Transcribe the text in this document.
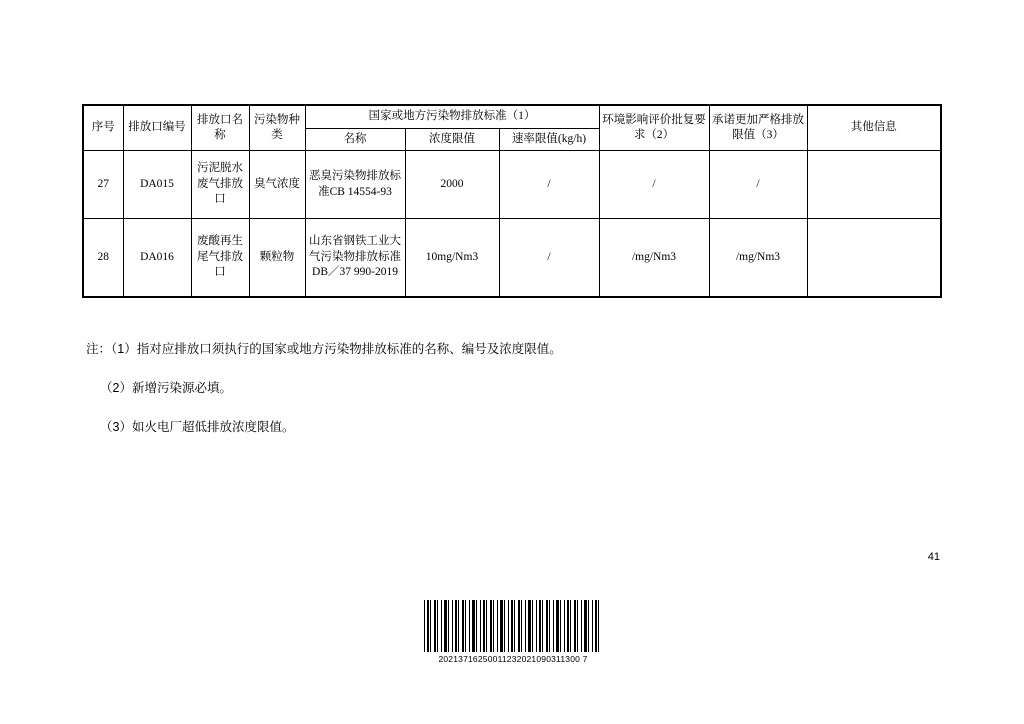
序号	排放口编号	排放口名称	污染物种类	国家或地方污染物排放标准（1）			环境影响评价批复要求（2）	承诺更加严格排放限值（3）	其他信息
				名称	浓度限值	速率限值(kg/h)			
27	DA015	污泥脱水废气排放口	臭气浓度	恶臭污染物排放标准CB 14554-93	2000	/	/	/	
28	DA016	废酸再生尾气排放口	颗粒物	山东省钢铁工业大气污染物排放标准DB／37 990-2019	10mg/Nm3	/	/mg/Nm3	/mg/Nm3	
注：（1）指对应排放口须执行的国家或地方污染物排放标准的名称、编号及浓度限值。
（2）新增污染源必填。
（3）如火电厂超低排放浓度限值。
41
20213716250011232021090311300 7
